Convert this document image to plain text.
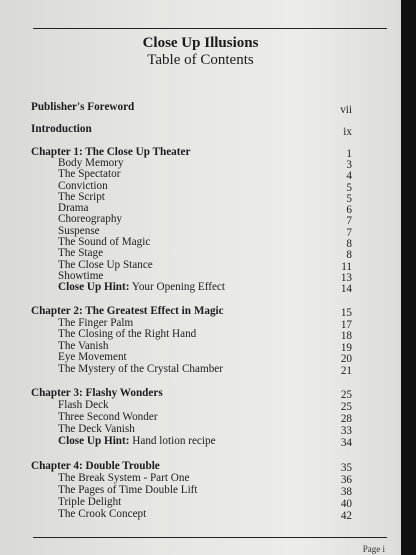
Close Up Illusions
Table of Contents
Publisher's Foreword	vii
Introduction	ix
Chapter 1: The Close Up Theater	1
Body Memory	3
The Spectator	4
Conviction	5
The Script	5
Drama	6
Choreography	7
Suspense	7
The Sound of Magic	8
The Stage	8
The Close Up Stance	11
Showtime	13
Close Up Hint: Your Opening Effect	14
Chapter 2: The Greatest Effect in Magic	15
The Finger Palm	17
The Closing of the Right Hand	18
The Vanish	19
Eye Movement	20
The Mystery of the Crystal Chamber	21
Chapter 3: Flashy Wonders	25
Flash Deck	25
Three Second Wonder	28
The Deck Vanish	33
Close Up Hint: Hand lotion recipe	34
Chapter 4: Double Trouble	35
The Break System - Part One	36
The Pages of Time Double Lift	38
Triple Delight	40
The Crook Concept	42
Page i
